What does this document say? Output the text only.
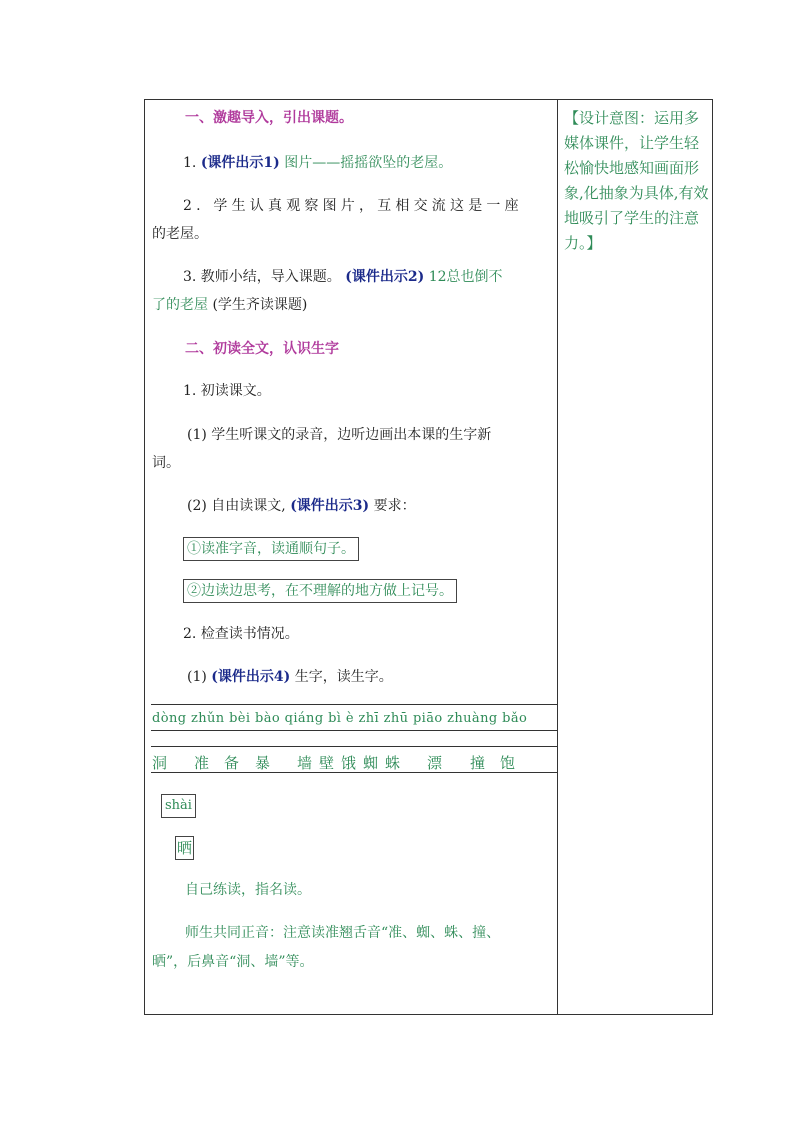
一、激趣导入，引出课题。
1. (课件出示1) 图片——摇摇欲坠的老屋。
2. 学生认真观察图片，互相交流这是一座
的老屋。
3. 教师小结，导入课题。 (课件出示2) 12总也倒不
了的老屋 (学生齐读课题)
二、初读全文，认识生字
1. 初读课文。
(1) 学生听课文的录音，边听边画出本课的生字新
词。
(2) 自由读课文, (课件出示3) 要求：
①读准字音，读通顺句子。
②边读边思考，在不理解的地方做上记号。
2. 检查读书情况。
(1) (课件出示4) 生字，读生字。
dòng zhǔn bèi bào qiáng bì è zhī zhū piāo zhuàng bǎo
洞 准 备 暴 墙 壁 饿 蜘 蛛 漂 撞 饱
shài
晒
自己练读，指名读。
师生共同正音：注意读准翘舌音“准、蜘、蛛、撞、
晒”，后鼻音“洞、墙”等。
【设计意图：运用多媒体课件，让学生轻松愉快地感知画面形象,化抽象为具体,有效地吸引了学生的注意力。】
